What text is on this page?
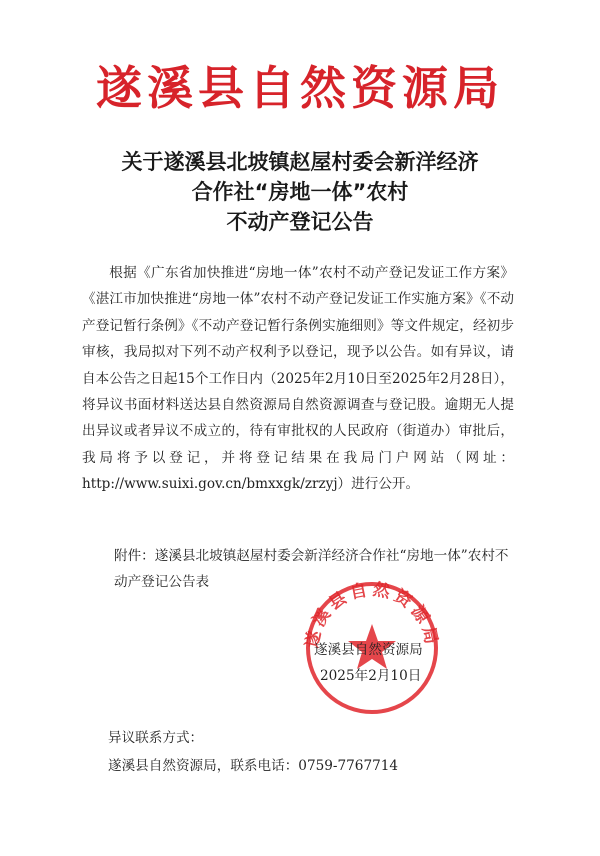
遂溪县自然资源局
关于遂溪县北坡镇赵屋村委会新洋经济
合作社“房地一体”农村
不动产登记公告

根据《广东省加快推进“房地一体”农村不动产登记发证工作方案》《湛江市加快推进“房地一体”农村不动产登记发证工作实施方案》《不动产登记暂行条例》《不动产登记暂行条例实施细则》等文件规定，经初步审核，我局拟对下列不动产权利予以登记，现予以公告。如有异议，请自本公告之日起15个工作日内（2025年2月10日至2025年2月28日），将异议书面材料送达县自然资源局自然资源调查与登记股。逾期无人提出异议或者异议不成立的，待有审批权的人民政府（街道办）审批后，我局将予以登记，并将登记结果在我局门户网站（网址：http://www.suixi.gov.cn/bmxxgk/zrzyj）进行公开。

附件：遂溪县北坡镇赵屋村委会新洋经济合作社“房地一体”农村不动产登记公告表
遂溪县自然资源局
遂溪县自然资源局
2025年2月10日
异议联系方式：
遂溪县自然资源局，联系电话：0759-7767714
